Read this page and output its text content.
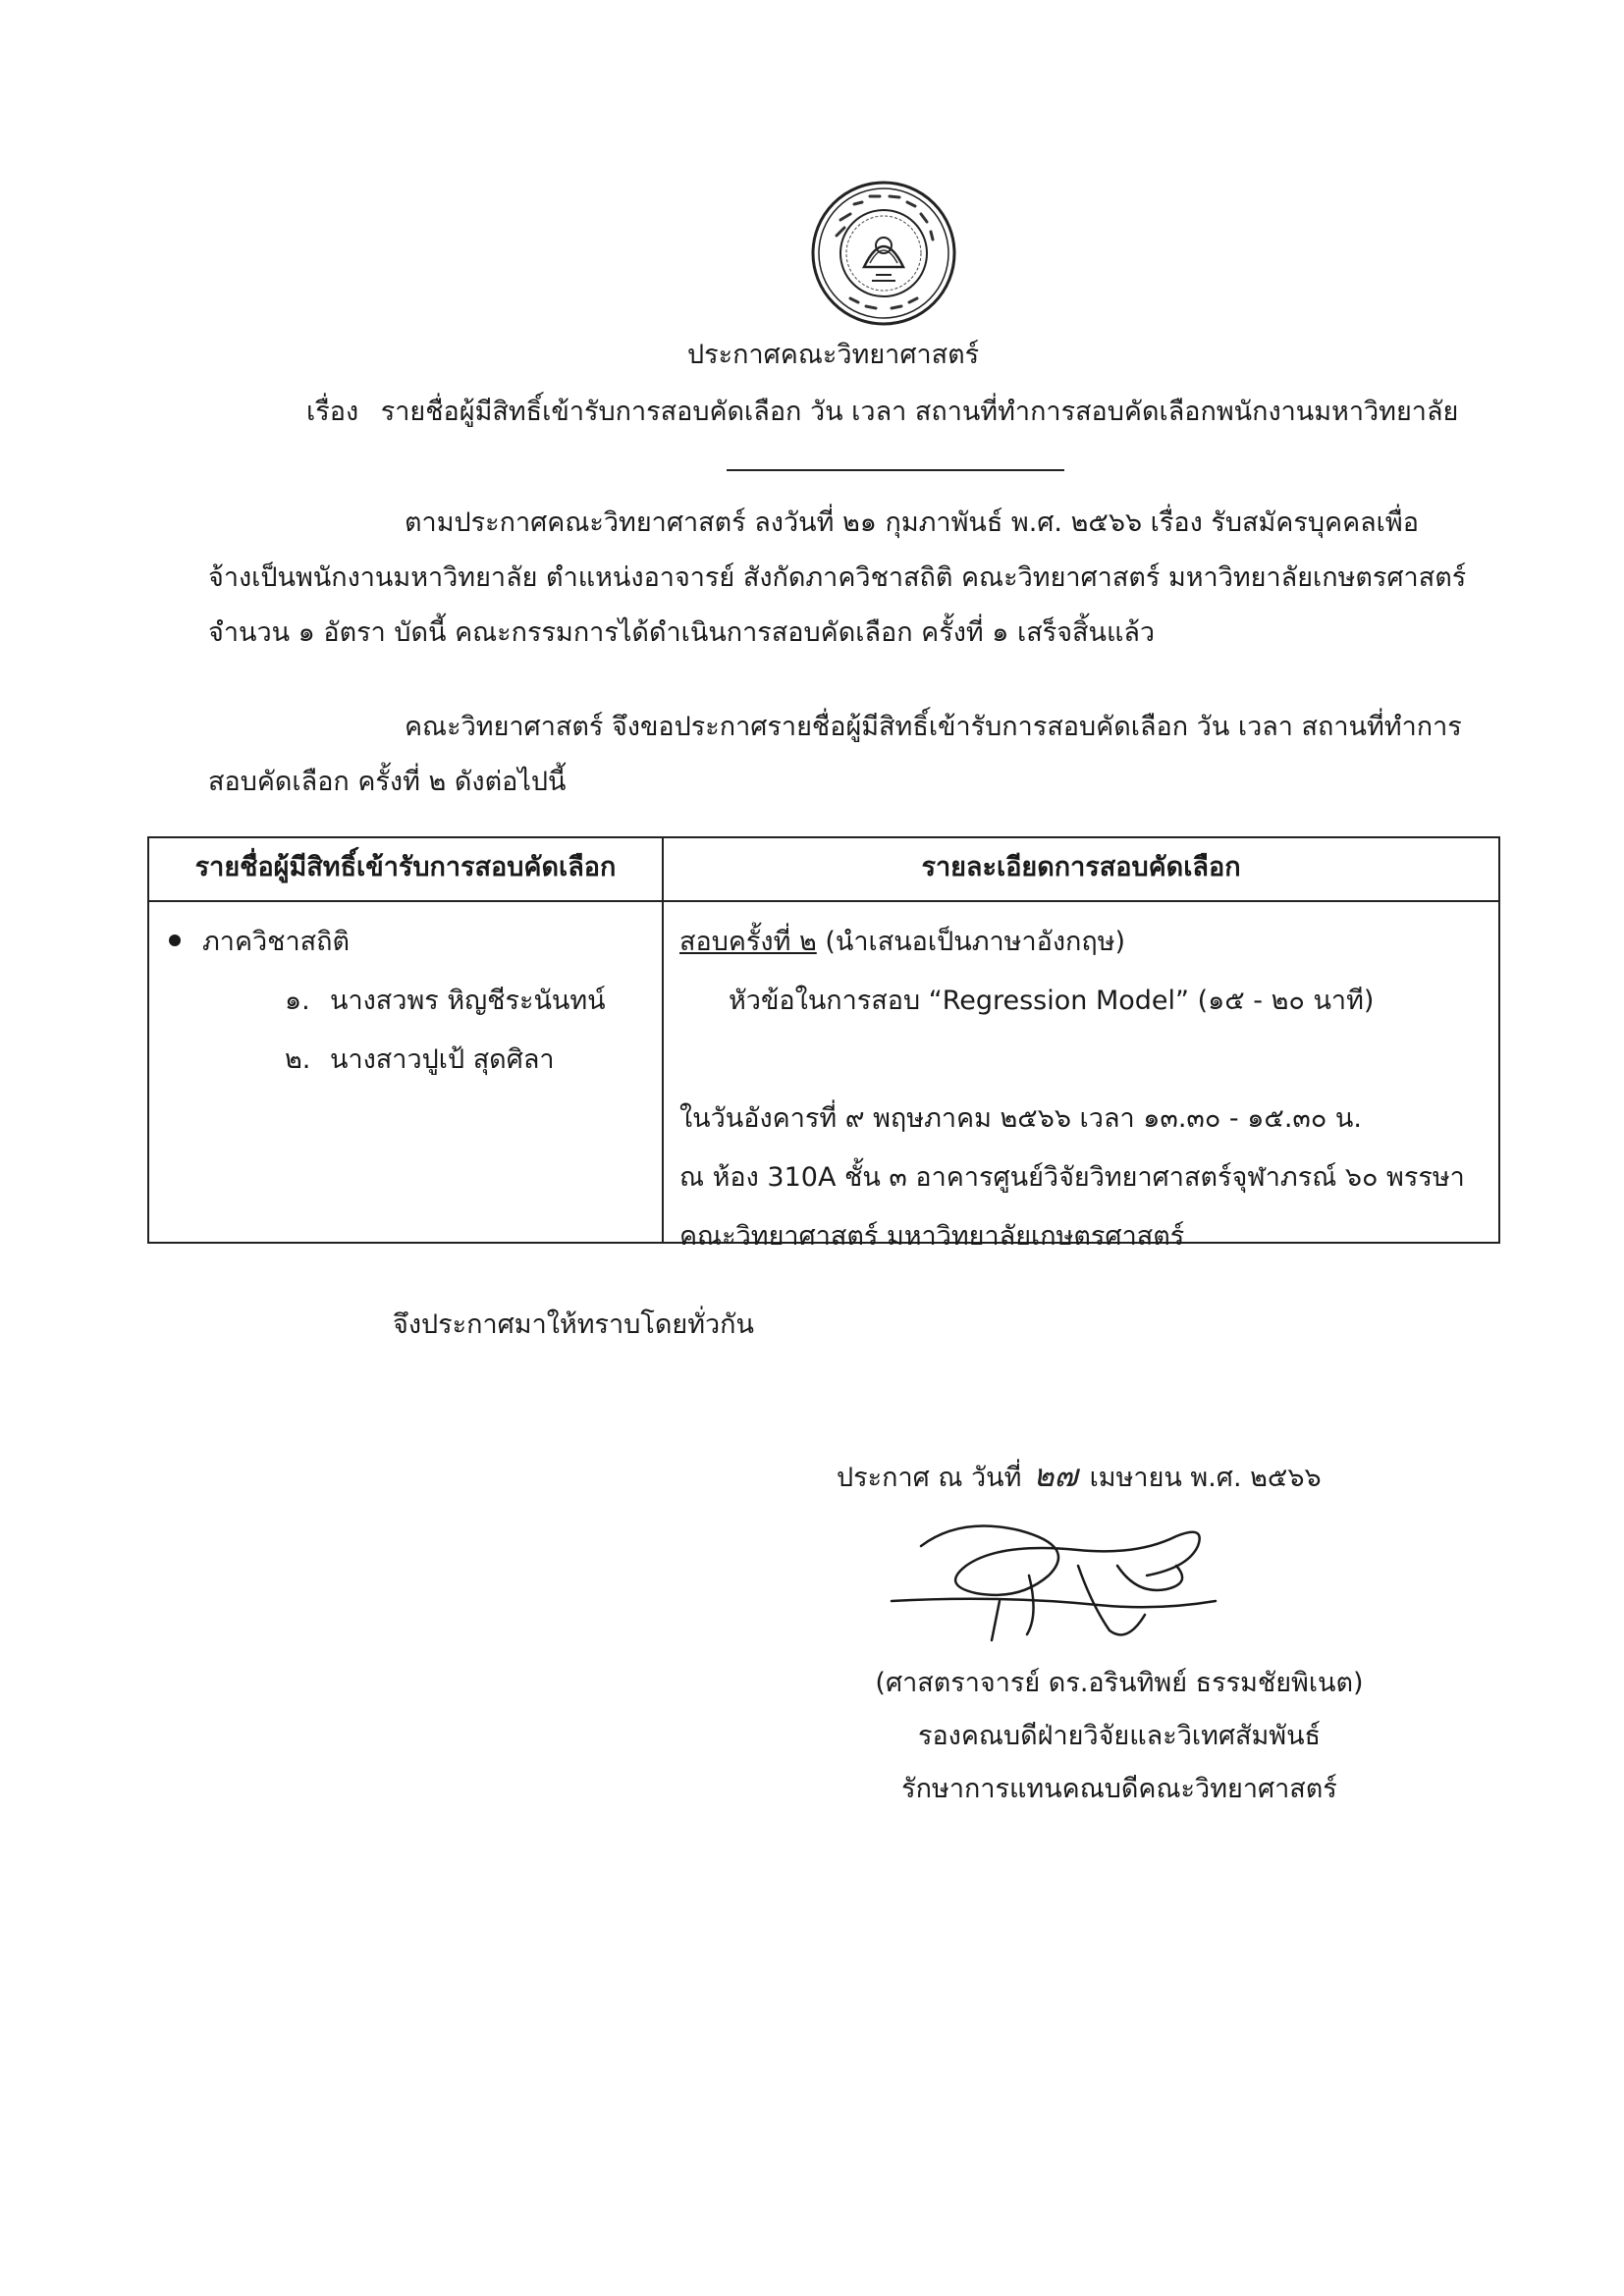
ประกาศคณะวิทยาศาสตร์
เรื่อง รายชื่อผู้มีสิทธิ์เข้ารับการสอบคัดเลือก วัน เวลา สถานที่ทำการสอบคัดเลือกพนักงานมหาวิทยาลัย
ตามประกาศคณะวิทยาศาสตร์ ลงวันที่ ๒๑ กุมภาพันธ์ พ.ศ. ๒๕๖๖ เรื่อง รับสมัครบุคคลเพื่อ
จ้างเป็นพนักงานมหาวิทยาลัย ตำแหน่งอาจารย์ สังกัดภาควิชาสถิติ คณะวิทยาศาสตร์ มหาวิทยาลัยเกษตรศาสตร์
จำนวน ๑ อัตรา บัดนี้ คณะกรรมการได้ดำเนินการสอบคัดเลือก ครั้งที่ ๑ เสร็จสิ้นแล้ว
คณะวิทยาศาสตร์ จึงขอประกาศรายชื่อผู้มีสิทธิ์เข้ารับการสอบคัดเลือก วัน เวลา สถานที่ทำการ
สอบคัดเลือก ครั้งที่ ๒ ดังต่อไปนี้
รายชื่อผู้มีสิทธิ์เข้ารับการสอบคัดเลือก	รายละเอียดการสอบคัดเลือก
ภาควิชาสถิติ
๑. นางสวพร หิญชีระนันทน์
๒. นางสาวปูเป้ สุดศิลา
สอบครั้งที่ ๒ (นำเสนอเป็นภาษาอังกฤษ)
หัวข้อในการสอบ “Regression Model” (๑๕ - ๒๐ นาที)
ในวันอังคารที่ ๙ พฤษภาคม ๒๕๖๖ เวลา ๑๓.๓๐ - ๑๕.๓๐ น.
ณ ห้อง 310A ชั้น ๓ อาคารศูนย์วิจัยวิทยาศาสตร์จุฬาภรณ์ ๖๐ พรรษา
คณะวิทยาศาสตร์ มหาวิทยาลัยเกษตรศาสตร์
จึงประกาศมาให้ทราบโดยทั่วกัน
ประกาศ ณ วันที่ ๒๗ เมษายน พ.ศ. ๒๕๖๖
(ศาสตราจารย์ ดร.อรินทิพย์ ธรรมชัยพิเนต)
รองคณบดีฝ่ายวิจัยและวิเทศสัมพันธ์
รักษาการแทนคณบดีคณะวิทยาศาสตร์
